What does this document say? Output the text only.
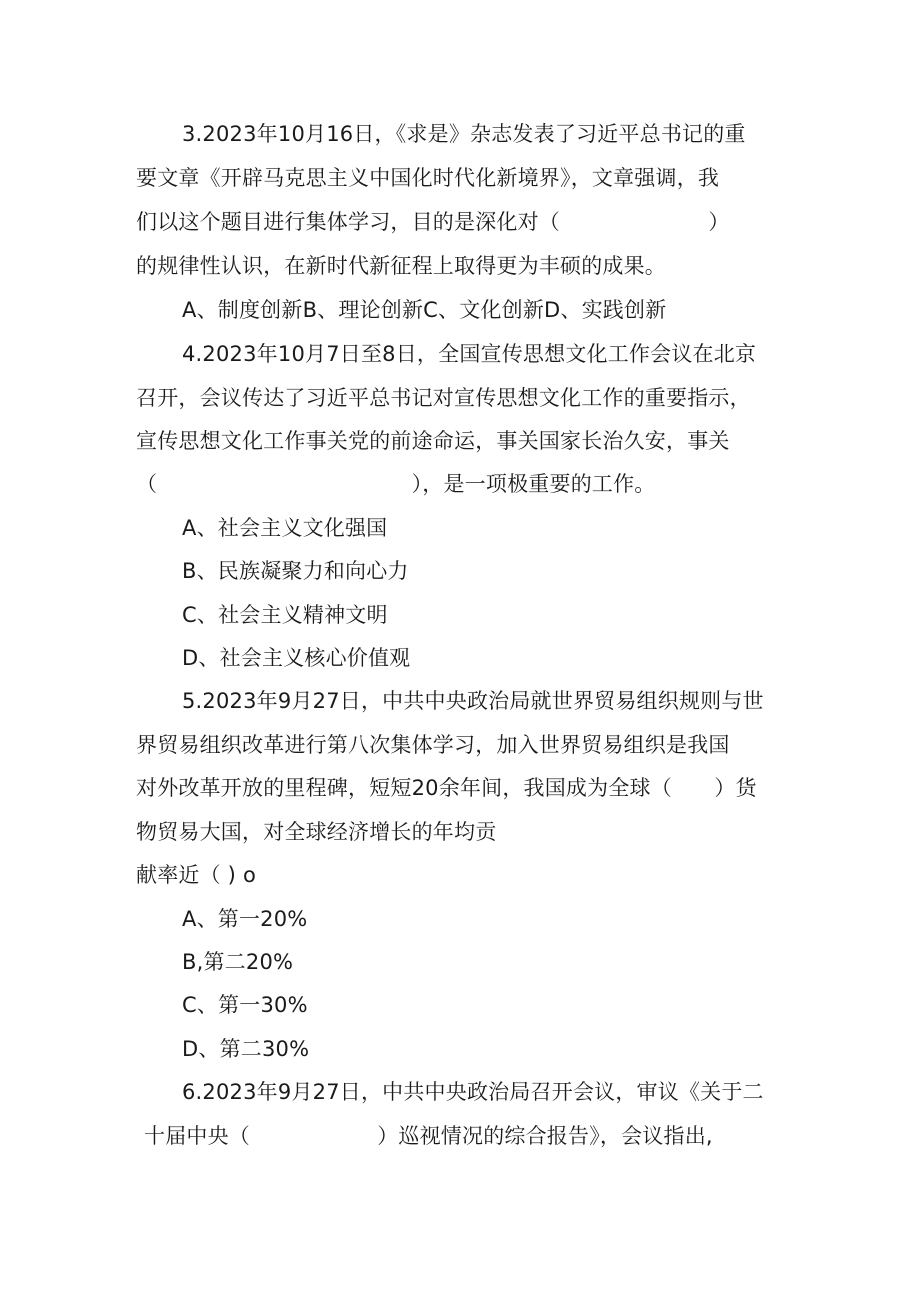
3.2023年10月16日，《求是》杂志发表了习近平总书记的重
要文章《开辟马克思主义中国化时代化新境界》，文章强调，我
们以这个题目进行集体学习，目的是深化对（　　　　　　　）
的规律性认识，在新时代新征程上取得更为丰硕的成果。
A、制度创新B、理论创新C、文化创新D、实践创新
4.2023年10月7日至8日，全国宣传思想文化工作会议在北京
召开，会议传达了习近平总书记对宣传思想文化工作的重要指示，
宣传思想文化工作事关党的前途命运，事关国家长治久安，事关
（　　　　　　　　　　　　），是一项极重要的工作。
A、社会主义文化强国
B、民族凝聚力和向心力
C、社会主义精神文明
D、社会主义核心价值观
5.2023年9月27日，中共中央政治局就世界贸易组织规则与世
界贸易组织改革进行第八次集体学习，加入世界贸易组织是我国
对外改革开放的里程碑，短短20余年间，我国成为全球（　　）货
物贸易大国，对全球经济增长的年均贡
献率近（ ) o
A、第一20%
B,第二20%
C、第一30%
D、第二30%
6.2023年9月27日，中共中央政治局召开会议，审议《关于二
十届中央（　　　　　　）巡视情况的综合报告》，会议指出,
